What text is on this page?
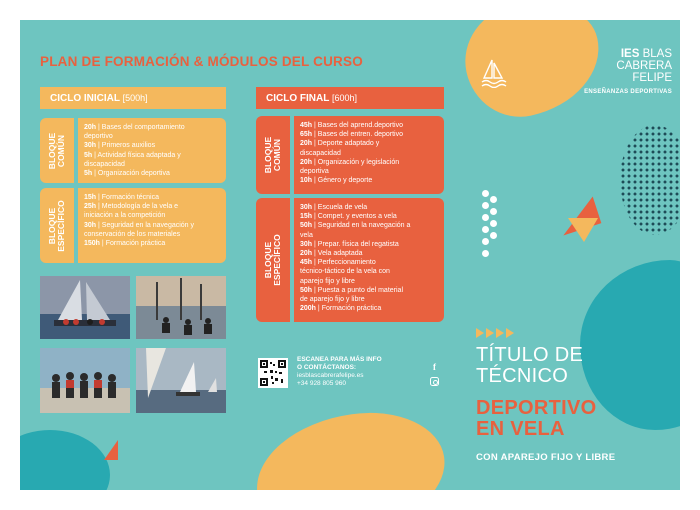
PLAN DE FORMACIÓN & MÓDULOS DEL CURSO
CICLO INICIAL [500h]
BLOQUE COMÚN
20h | Bases del comportamiento
deportivo
30h | Primeros auxilios
5h | Actividad física adaptada y
discapacidad
5h | Organización deportiva
BLOQUE ESPECÍFICO
15h | Formación técnica
25h | Metodología de la vela e
iniciación a la competición
30h | Seguridad en la navegación y
conservación de los materiales
150h | Formación práctica
CICLO FINAL [600h]
BLOQUE COMÚN
45h | Bases del aprend.deportivo
65h | Bases del entren. deportivo
20h | Deporte adaptado y
discapacidad
20h | Organización y legislación
deportiva
10h | Género y deporte
BLOQUE ESPECÍFICO
30h | Escuela de vela
15h | Compet. y eventos a vela
50h | Seguridad en la navegación a
vela
30h | Prepar. física del regatista
20h | Vela adaptada
45h | Perfeccionamiento
técnico-táctico de la vela con
aparejo fijo y libre
50h | Puesta a punto del material
de aparejo fijo y libre
200h | Formación práctica
ESCANEA PARA MÁS INFO
O CONTÁCTANOS:
iesblascabrerafelipe.es
+34 928 805 960
f
IES BLAS
CABRERA
FELIPE
ENSEÑANZAS DEPORTIVAS
TÍTULO DE
TÉCNICO
DEPORTIVO
EN VELA
CON APAREJO FIJO Y LIBRE
